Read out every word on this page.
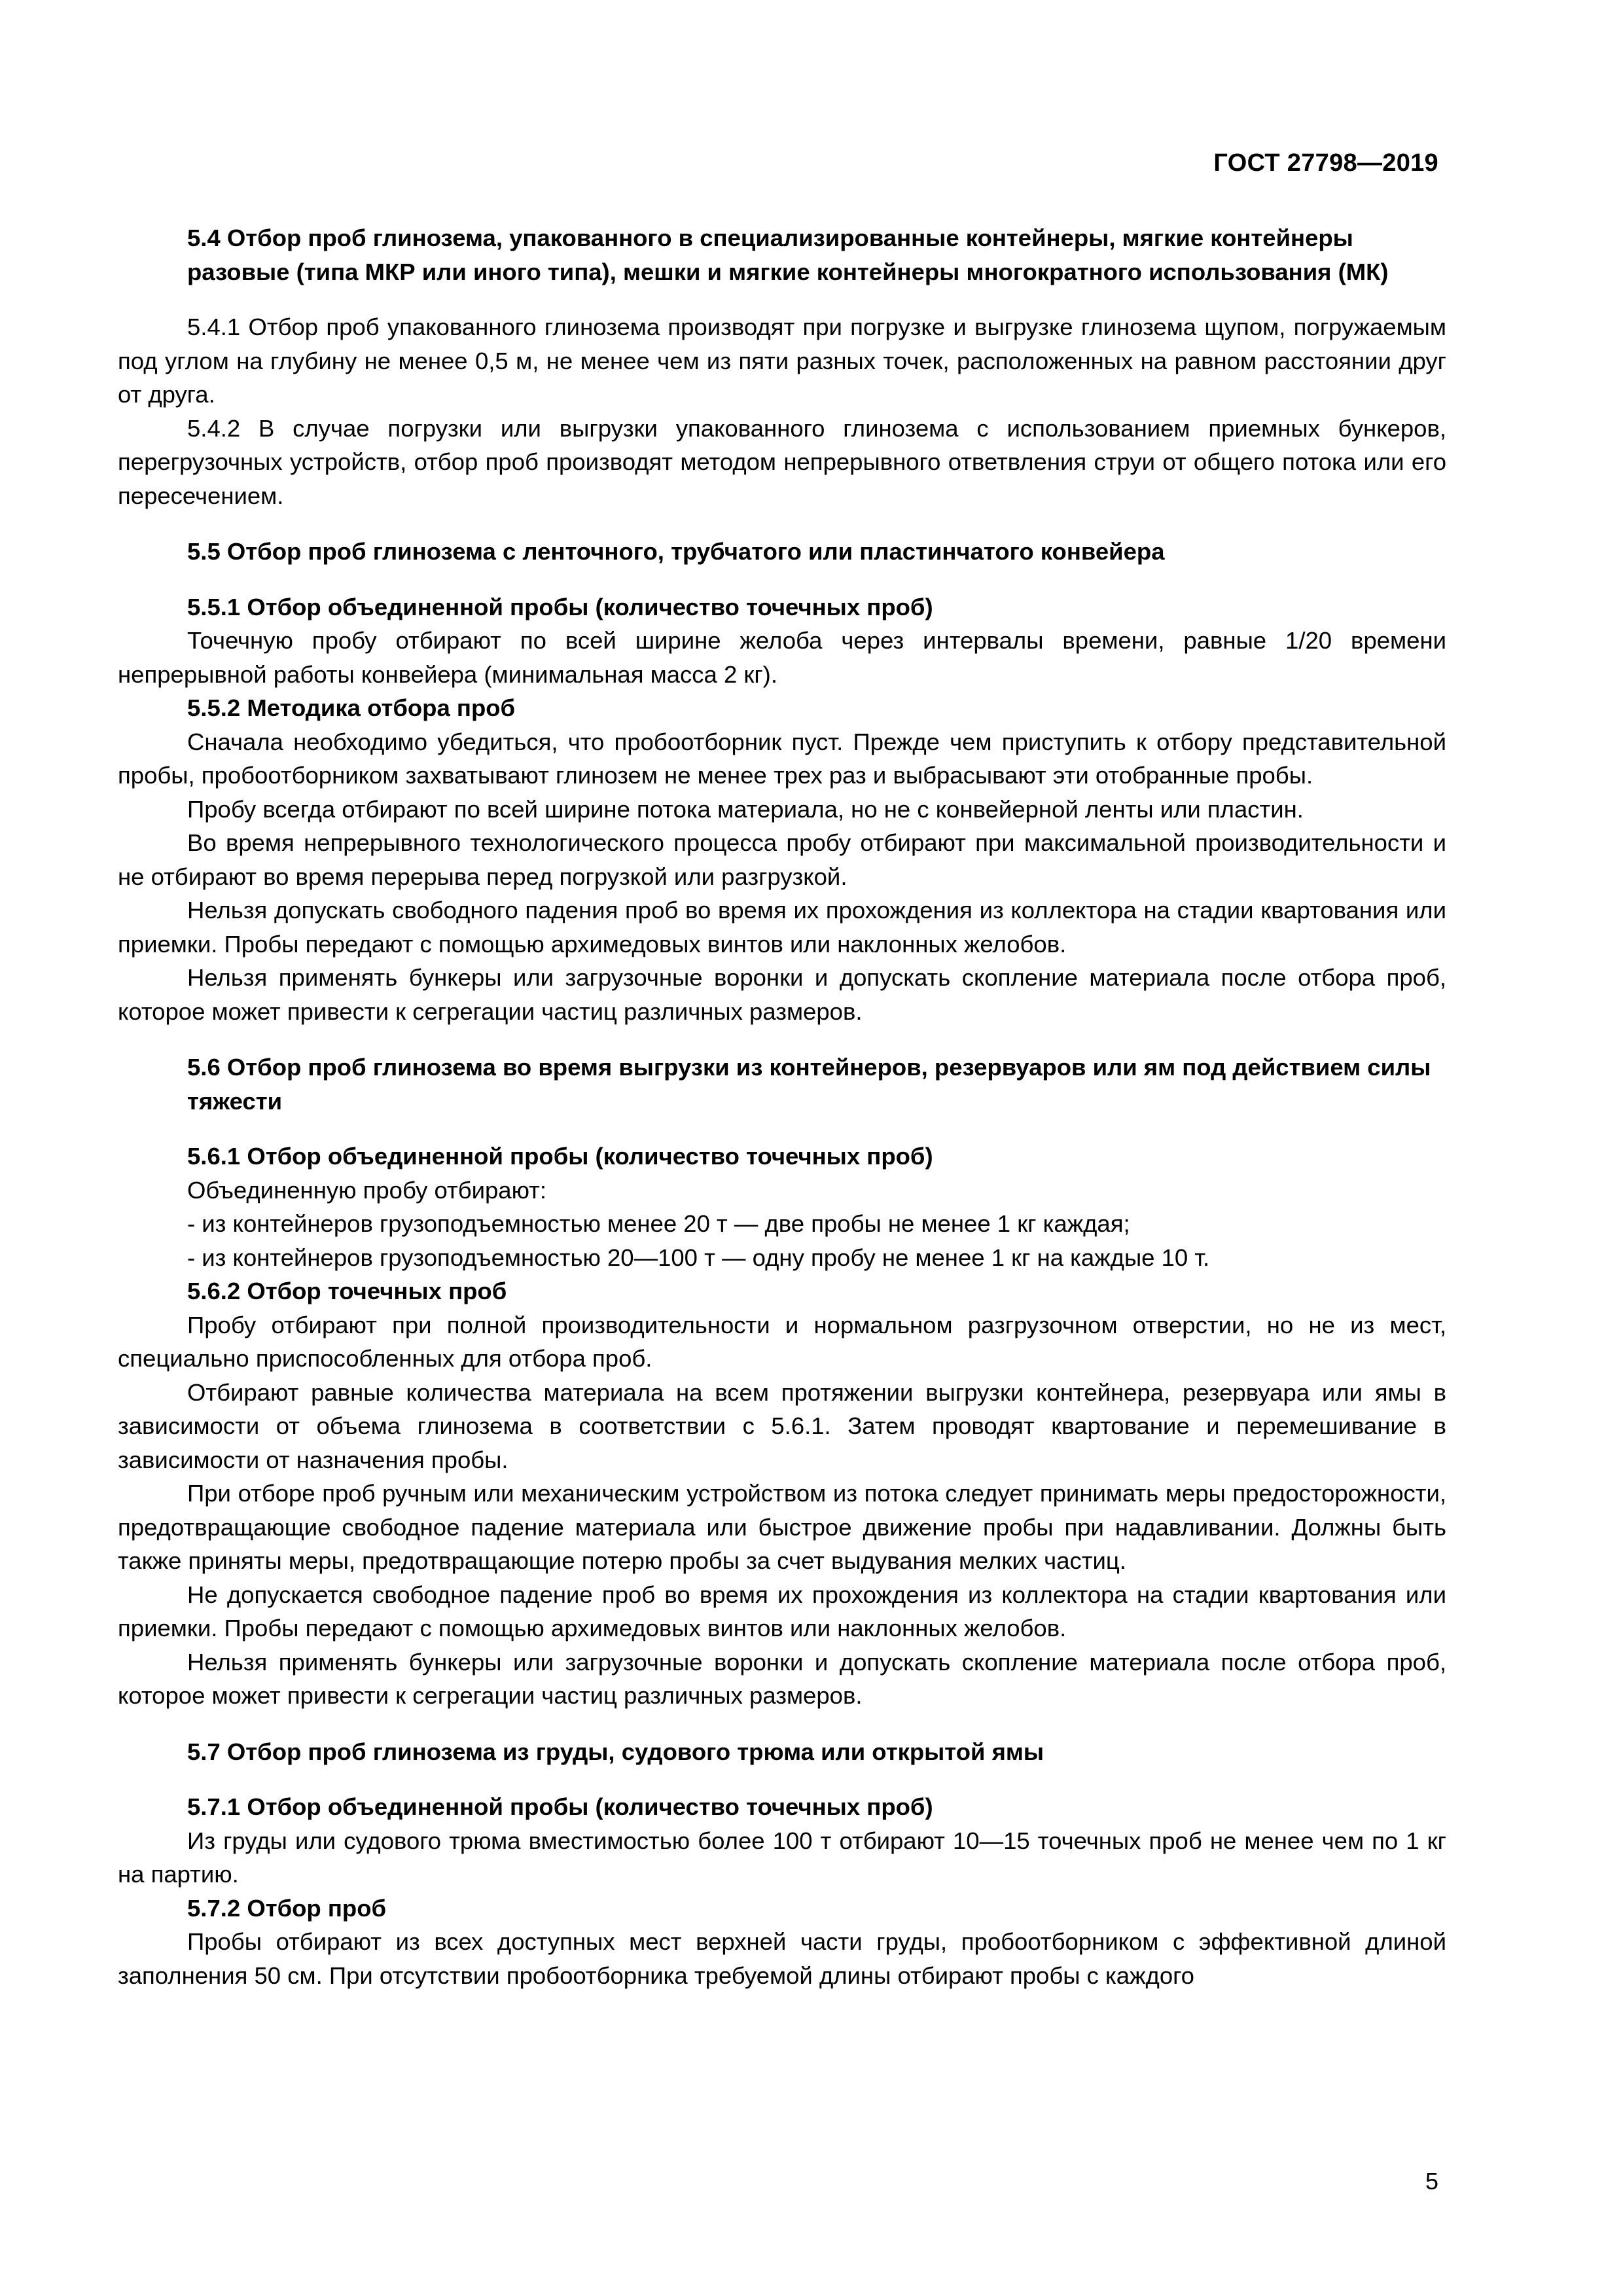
ГОСТ 27798—2019

5.4 Отбор проб глинозема, упакованного в специализированные контейнеры, мягкие контейнеры разовые (типа МКР или иного типа), мешки и мягкие контейнеры многократного использования (МК)

5.4.1 Отбор проб упакованного глинозема производят при погрузке и выгрузке глинозема щупом, погружаемым под углом на глубину не менее 0,5 м, не менее чем из пяти разных точек, расположенных на равном расстоянии друг от друга.

5.4.2 В случае погрузки или выгрузки упакованного глинозема с использованием приемных бункеров, перегрузочных устройств, отбор проб производят методом непрерывного ответвления струи от общего потока или его пересечением.

5.5 Отбор проб глинозема с ленточного, трубчатого или пластинчатого конвейера

5.5.1 Отбор объединенной пробы (количество точечных проб)

Точечную пробу отбирают по всей ширине желоба через интервалы времени, равные 1/20 времени непрерывной работы конвейера (минимальная масса 2 кг).

5.5.2 Методика отбора проб

Сначала необходимо убедиться, что пробоотборник пуст. Прежде чем приступить к отбору представительной пробы, пробоотборником захватывают глинозем не менее трех раз и выбрасывают эти отобранные пробы.

Пробу всегда отбирают по всей ширине потока материала, но не с конвейерной ленты или пластин.

Во время непрерывного технологического процесса пробу отбирают при максимальной производительности и не отбирают во время перерыва перед погрузкой или разгрузкой.

Нельзя допускать свободного падения проб во время их прохождения из коллектора на стадии квартования или приемки. Пробы передают с помощью архимедовых винтов или наклонных желобов.

Нельзя применять бункеры или загрузочные воронки и допускать скопление материала после отбора проб, которое может привести к сегрегации частиц различных размеров.

5.6 Отбор проб глинозема во время выгрузки из контейнеров, резервуаров или ям под действием силы тяжести

5.6.1 Отбор объединенной пробы (количество точечных проб)

Объединенную пробу отбирают:

- из контейнеров грузоподъемностью менее 20 т — две пробы не менее 1 кг каждая;

- из контейнеров грузоподъемностью 20—100 т — одну пробу не менее 1 кг на каждые 10 т.

5.6.2 Отбор точечных проб

Пробу отбирают при полной производительности и нормальном разгрузочном отверстии, но не из мест, специально приспособленных для отбора проб.

Отбирают равные количества материала на всем протяжении выгрузки контейнера, резервуара или ямы в зависимости от объема глинозема в соответствии с 5.6.1. Затем проводят квартование и перемешивание в зависимости от назначения пробы.

При отборе проб ручным или механическим устройством из потока следует принимать меры предосторожности, предотвращающие свободное падение материала или быстрое движение пробы при надавливании. Должны быть также приняты меры, предотвращающие потерю пробы за счет выдувания мелких частиц.

Не допускается свободное падение проб во время их прохождения из коллектора на стадии квартования или приемки. Пробы передают с помощью архимедовых винтов или наклонных желобов.

Нельзя применять бункеры или загрузочные воронки и допускать скопление материала после отбора проб, которое может привести к сегрегации частиц различных размеров.

5.7 Отбор проб глинозема из груды, судового трюма или открытой ямы

5.7.1 Отбор объединенной пробы (количество точечных проб)

Из груды или судового трюма вместимостью более 100 т отбирают 10—15 точечных проб не менее чем по 1 кг на партию.

5.7.2 Отбор проб

Пробы отбирают из всех доступных мест верхней части груды, пробоотборником с эффективной длиной заполнения 50 см. При отсутствии пробоотборника требуемой длины отбирают пробы с каждого

5
